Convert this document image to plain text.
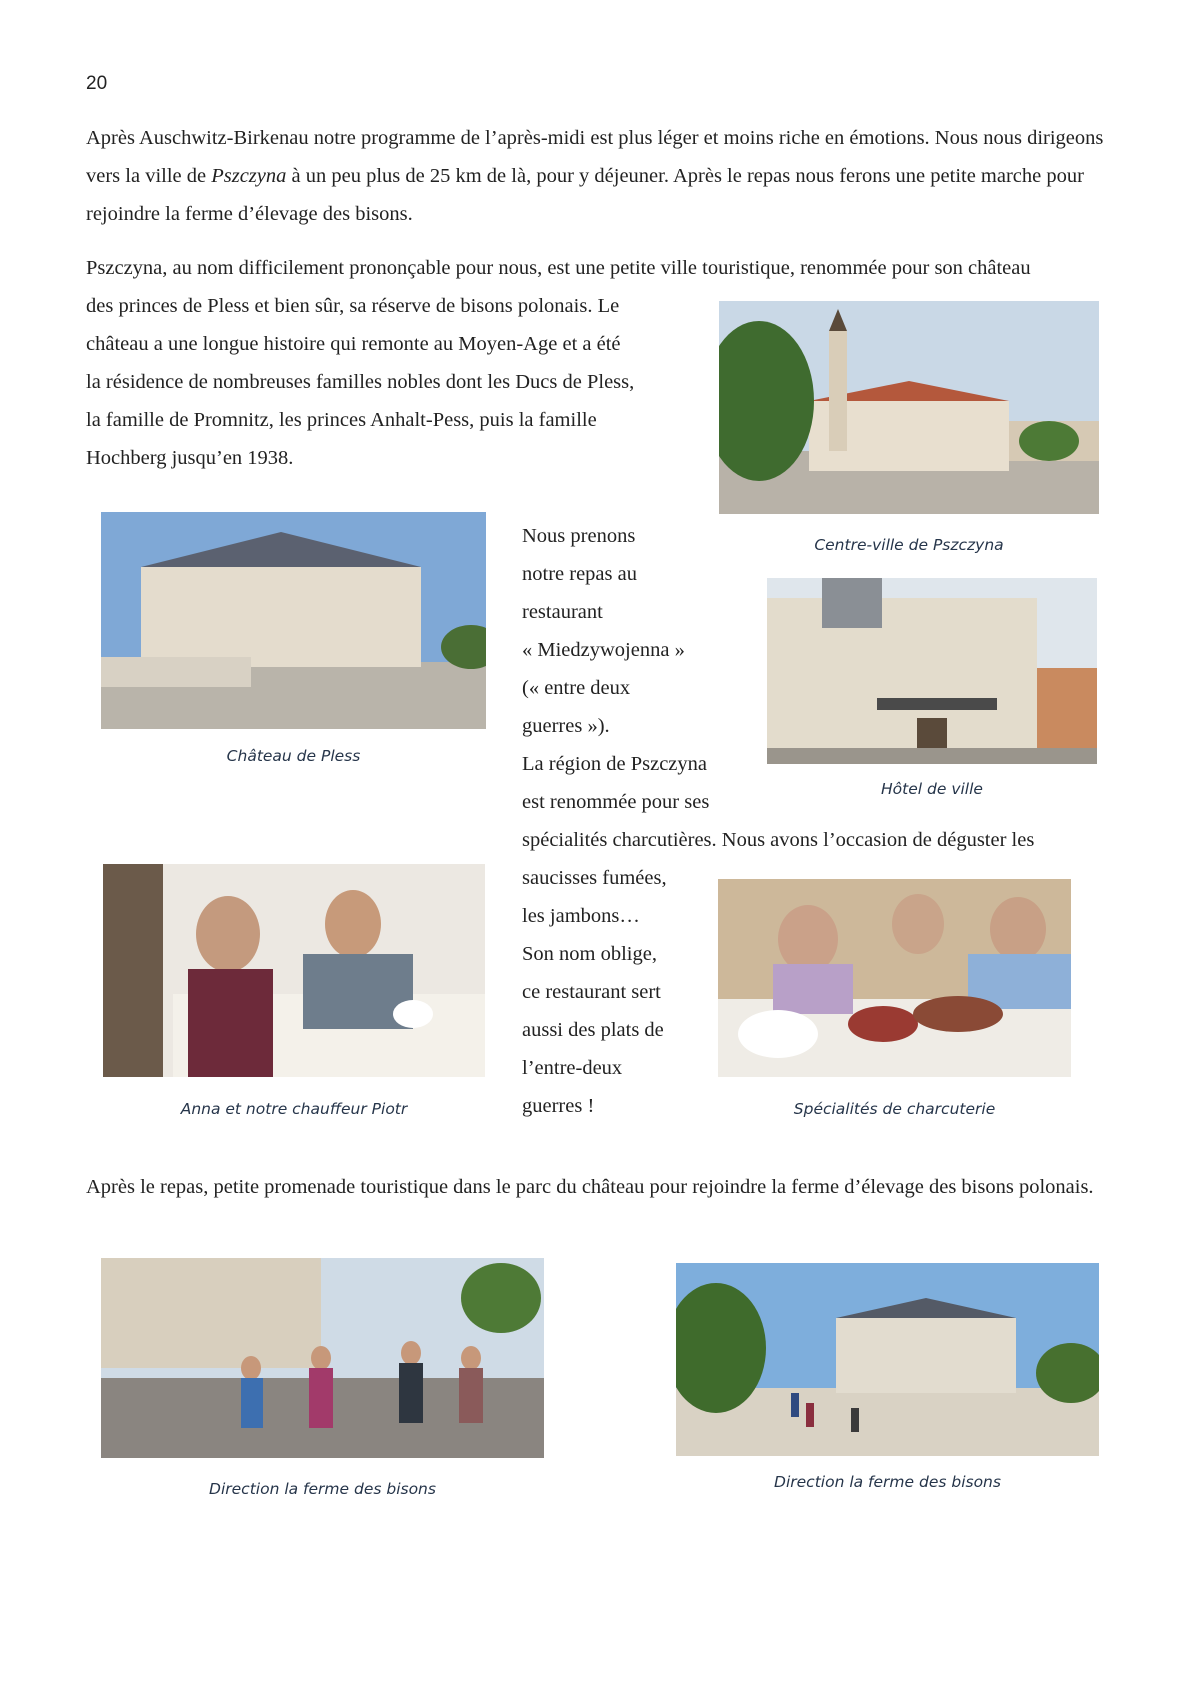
20

Après Auschwitz-Birkenau notre programme de l’après-midi est plus léger et moins riche en émotions. Nous nous dirigeons vers la ville de Pszczyna à un peu plus de 25 km de là, pour y déjeuner. Après le repas nous ferons une petite marche pour rejoindre la ferme d’élevage des bisons.

Pszczyna, au nom difficilement prononçable pour nous, est une petite ville touristique, renommée pour son château
des princes de Pless et bien sûr, sa réserve de bisons polonais. Le
château a une longue histoire qui remonte au Moyen-Age et a été
la résidence de nombreuses familles nobles dont les Ducs de Pless,
la famille de Promnitz, les princes Anhalt-Pess, puis la famille
Hochberg jusqu’en 1938.
Centre-ville de Pszczyna
Château de Pless
Nous prenons
notre repas au
restaurant
« Miedzywojenna »
(« entre deux
guerres »).
La région de Pszczyna
est renommée pour ses
spécialités charcutières. Nous avons l’occasion de déguster les
saucisses fumées,
les jambons…
Son nom oblige,
ce restaurant sert
aussi des plats de
l’entre-deux
guerres !
Hôtel de ville
Anna et notre chauffeur Piotr	Spécialités de charcuterie

Après le repas, petite promenade touristique dans le parc du château pour rejoindre la ferme d’élevage des bisons polonais.

Direction la ferme des bisons	Direction la ferme des bisons
